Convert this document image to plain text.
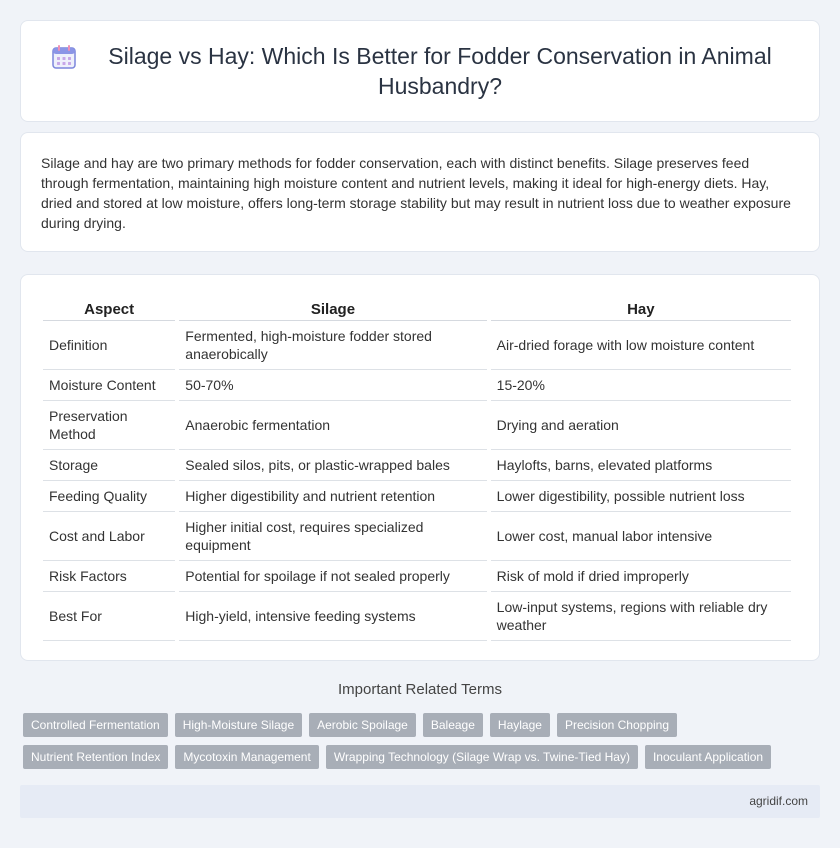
Silage vs Hay: Which Is Better for Fodder Conservation in Animal Husbandry?

Silage and hay are two primary methods for fodder conservation, each with distinct benefits. Silage preserves feed through fermentation, maintaining high moisture content and nutrient levels, making it ideal for high-energy diets. Hay, dried and stored at low moisture, offers long-term storage stability but may result in nutrient loss due to weather exposure during drying.

Aspect	Silage	Hay
Definition	Fermented, high-moisture fodder stored anaerobically	Air-dried forage with low moisture content
Moisture Content	50-70%	15-20%
Preservation Method	Anaerobic fermentation	Drying and aeration
Storage	Sealed silos, pits, or plastic-wrapped bales	Haylofts, barns, elevated platforms
Feeding Quality	Higher digestibility and nutrient retention	Lower digestibility, possible nutrient loss
Cost and Labor	Higher initial cost, requires specialized equipment	Lower cost, manual labor intensive
Risk Factors	Potential for spoilage if not sealed properly	Risk of mold if dried improperly
Best For	High-yield, intensive feeding systems	Low-input systems, regions with reliable dry weather
Important Related Terms
Controlled Fermentation	High-Moisture Silage	Aerobic Spoilage	Baleage	Haylage	Precision Chopping
Nutrient Retention Index	Mycotoxin Management	Wrapping Technology (Silage Wrap vs. Twine-Tied Hay)	Inoculant Application
agridif.com
